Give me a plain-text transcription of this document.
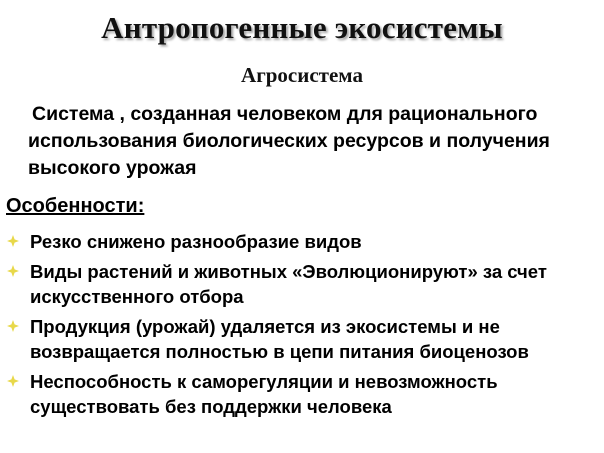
Антропогенные экосистемы
Агросистема
Система , созданная человеком для рационального использования биологических ресурсов и получения высокого урожая
Особенности:
Резко снижено разнообразие видов
Виды растений и животных «Эволюционируют» за счет искусственного отбора
Продукция (урожай) удаляется из экосистемы и не возвращается полностью в цепи питания биоценозов
Неспособность к саморегуляции и невозможность существовать без поддержки человека
